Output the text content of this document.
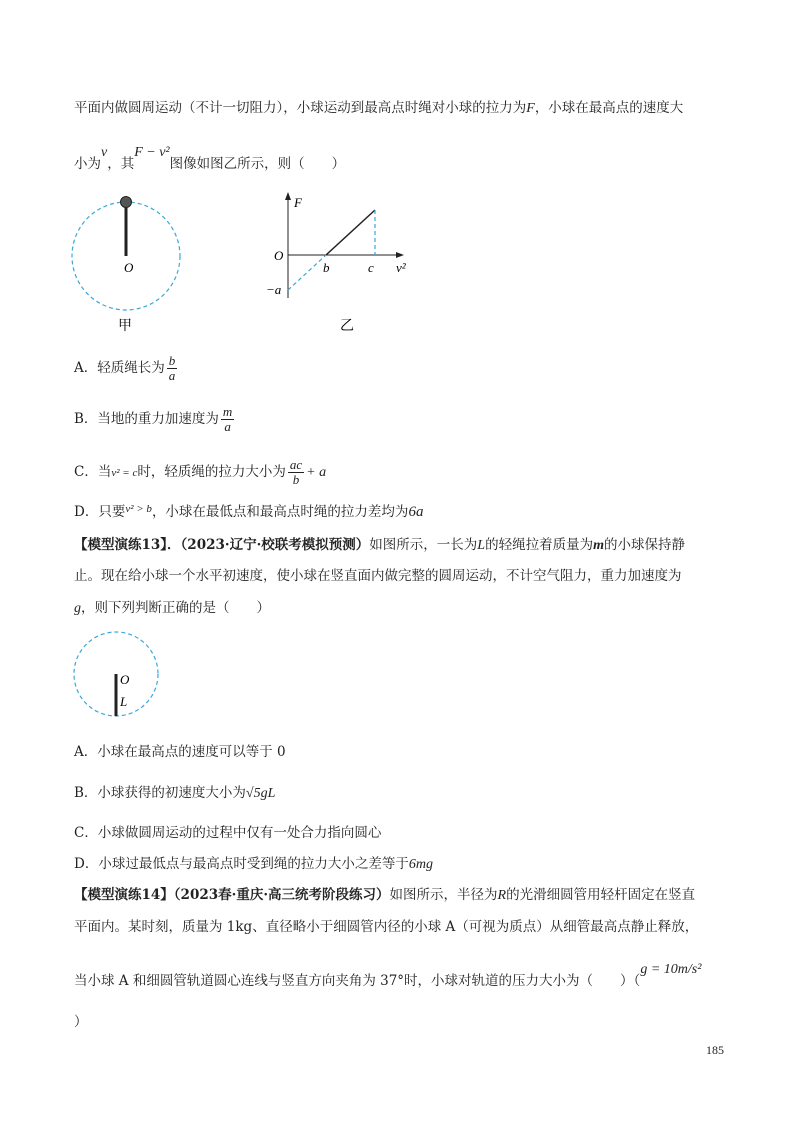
平面内做圆周运动（不计一切阻力），小球运动到最高点时绳对小球的拉力为F，小球在最高点的速度大
小为v，其F − v²图像如图乙所示，则（　　）
O
甲
F
O
b	c v²
−a
乙
A．轻质绳长为 $\frac{b}{a}$
B．当地的重力加速度为 $\frac{m}{a}$
C．当v² = c时，轻质绳的拉力大小为 $\frac{ac}{b} + a$
D．只要$^{v^2 > b}$，小球在最低点和最高点时绳的拉力差均为6a
【模型演练13】．（2023·辽宁·校联考模拟预测）如图所示，一长为L的轻绳拉着质量为m的小球保持静
止。现在给小球一个水平初速度，使小球在竖直面内做完整的圆周运动，不计空气阻力，重力加速度为
g，则下列判断正确的是（　　）
O
L
A．小球在最高点的速度可以等于 0
B．小球获得的初速度大小为√5gL
C．小球做圆周运动的过程中仅有一处合力指向圆心
D．小球过最低点与最高点时受到绳的拉力大小之差等于6mg
【模型演练14】（2023春·重庆·高三统考阶段练习）如图所示，半径为R的光滑细圆管用轻杆固定在竖直
平面内。某时刻，质量为 1kg、直径略小于细圆管内径的小球 A（可视为质点）从细管最高点静止释放，
当小球 A 和细圆管轨道圆心连线与竖直方向夹角为 37°时，小球对轨道的压力大小为（　　）（g = 10m/s²
）
185
